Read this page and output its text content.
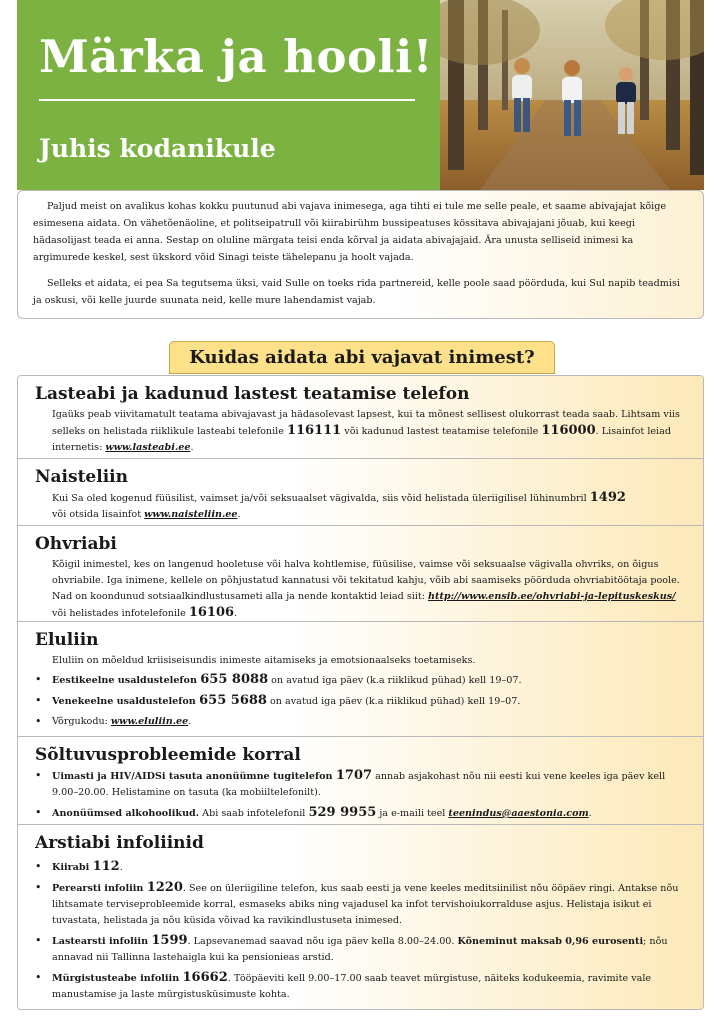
Märka ja hooli!
Juhis kodanikule

Paljud meist on avalikus kohas kokku puutunud abi vajava inimesega, aga tihti ei tule me selle peale, et saame abivajajat kõige esimesena aidata. On vähetõenäoline, et politseipatrull või kiirabirühm bussipeatuses kössitava abivajajani jõuab, kui keegi hädasolijast teada ei anna. Sestap on oluline märgata teisi enda kõrval ja aidata abivajajaid. Ära unusta selliseid inimesi ka argimurede keskel, sest ükskord võid Sinagi teiste tähelepanu ja hoolt vajada.

Selleks et aidata, ei pea Sa tegutsema üksi, vaid Sulle on toeks rida partnereid, kelle poole saad pöörduda, kui Sul napib teadmisi ja oskusi, või kelle juurde suunata neid, kelle mure lahendamist vajab.

Kuidas aidata abi vajavat inimest?
Lasteabi ja kadunud lastest teatamise telefon
Igaüks peab viivitamatult teatama abivajavast ja hädasolevast lapsest, kui ta mõnest sellisest olukorrast teada saab. Lihtsam viis selleks on helistada riiklikule lasteabi telefonile 116111 või kadunud lastest teatamise telefonile 116000. Lisainfot leiad internetis: www.lasteabi.ee.
Naisteliin
Kui Sa oled kogenud füüsilist, vaimset ja/või seksuaalset vägivalda, siis võid helistada üleriigilisel lühinumbril 1492
või otsida lisainfot www.naisteliin.ee.
Ohvriabi
Kõigil inimestel, kes on langenud hooletuse või halva kohtlemise, füüsilise, vaimse või seksuaalse vägivalla ohvriks, on õigus ohvriabile. Iga inimene, kellele on põhjustatud kannatusi või tekitatud kahju, võib abi saamiseks pöörduda ohvriabitöötaja poole. Nad on koondunud sotsiaalkindlustusameti alla ja nende kontaktid leiad siit: http://www.ensib.ee/ohvriabi-ja-lepituskeskus/
või helistades infotelefonile 16106.
Eluliin
Eluliin on mõeldud kriisiseisundis inimeste aitamiseks ja emotsionaalseks toetamiseks.
• Eestikeelne usaldustelefon 655 8088 on avatud iga päev (k.a riiklikud pühad) kell 19–07.
• Venekeelne usaldustelefon 655 5688 on avatud iga päev (k.a riiklikud pühad) kell 19–07.
• Võrgukodu: www.eluliin.ee.
Sõltuvusprobleemide korral
• Uimasti ja HIV/AIDSi tasuta anonüümne tugitelefon 1707 annab asjakohast nõu nii eesti kui vene keeles iga päev kell 9.00–20.00. Helistamine on tasuta (ka mobiiltelefonilt).
• Anonüümsed alkohoolikud. Abi saab infotelefonil 529 9955 ja e-maili teel teenindus@aaestonia.com.
Arstiabi infoliinid
• Kiirabi 112.
• Perearsti infoliin 1220. See on üleriigiline telefon, kus saab eesti ja vene keeles meditsiinilist nõu ööpäev ringi. Antakse nõu lihtsamate terviseprobleemide korral, esmaseks abiks ning vajadusel ka infot tervishoiukorralduse asjus. Helistaja isikut ei tuvastata, helistada ja nõu küsida võivad ka ravikindlustuseta inimesed.
• Lastearsti infoliin 1599. Lapsevanemad saavad nõu iga päev kella 8.00–24.00. Kõneminut maksab 0,96 eurosenti; nõu annavad nii Tallinna lastehaigla kui ka pensionieas arstid.
• Mürgistusteabe infoliin 16662. Tööpäeviti kell 9.00–17.00 saab teavet mürgistuse, näiteks kodukeemia, ravimite vale manustamise ja laste mürgistusküsimuste kohta.
